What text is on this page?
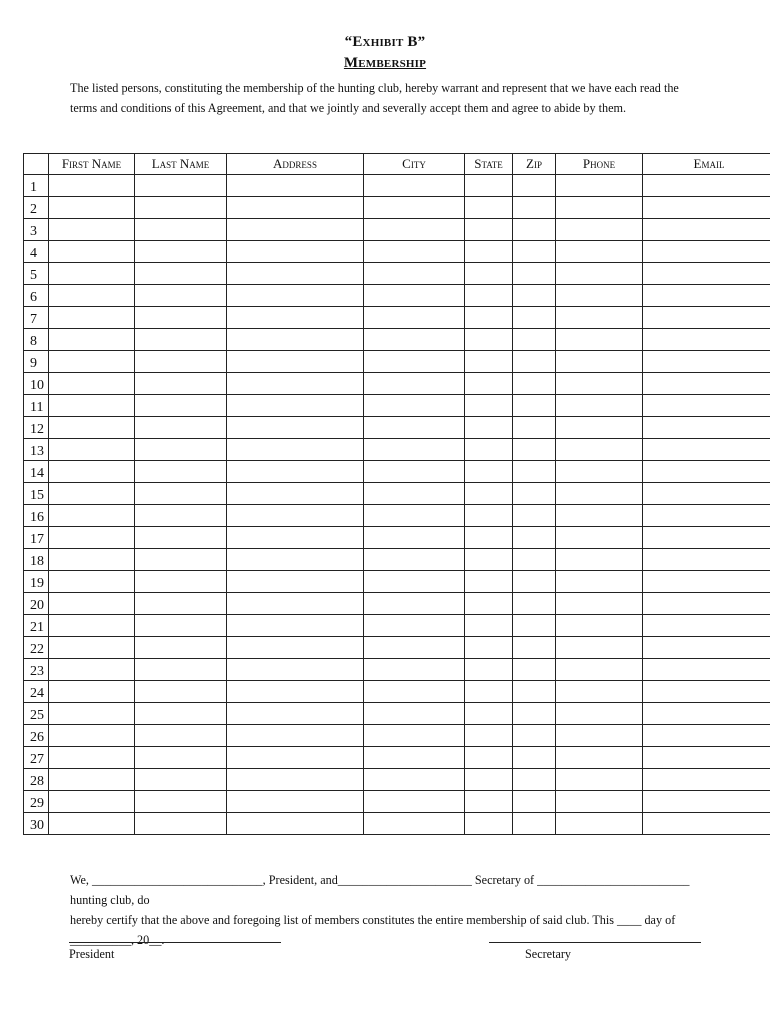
“Exhibit B”
Membership
The listed persons, constituting the membership of the hunting club, hereby warrant and represent that we have each read the terms and conditions of this Agreement, and that we jointly and severally accept them and agree to abide by them.
	First Name	Last Name	Address	City	State	Zip	Phone	Email
1								
2								
3								
4								
5								
6								
7								
8								
9								
10								
11								
12								
13								
14								
15								
16								
17								
18								
19								
20								
21								
22								
23								
24								
25								
26								
27								
28								
29								
30								
We, ____________________________, President, and______________________ Secretary of _________________________ hunting club, do
hereby certify that the above and foregoing list of members constitutes the entire membership of said club. This ____ day of __________, 20__.
President	Secretary
